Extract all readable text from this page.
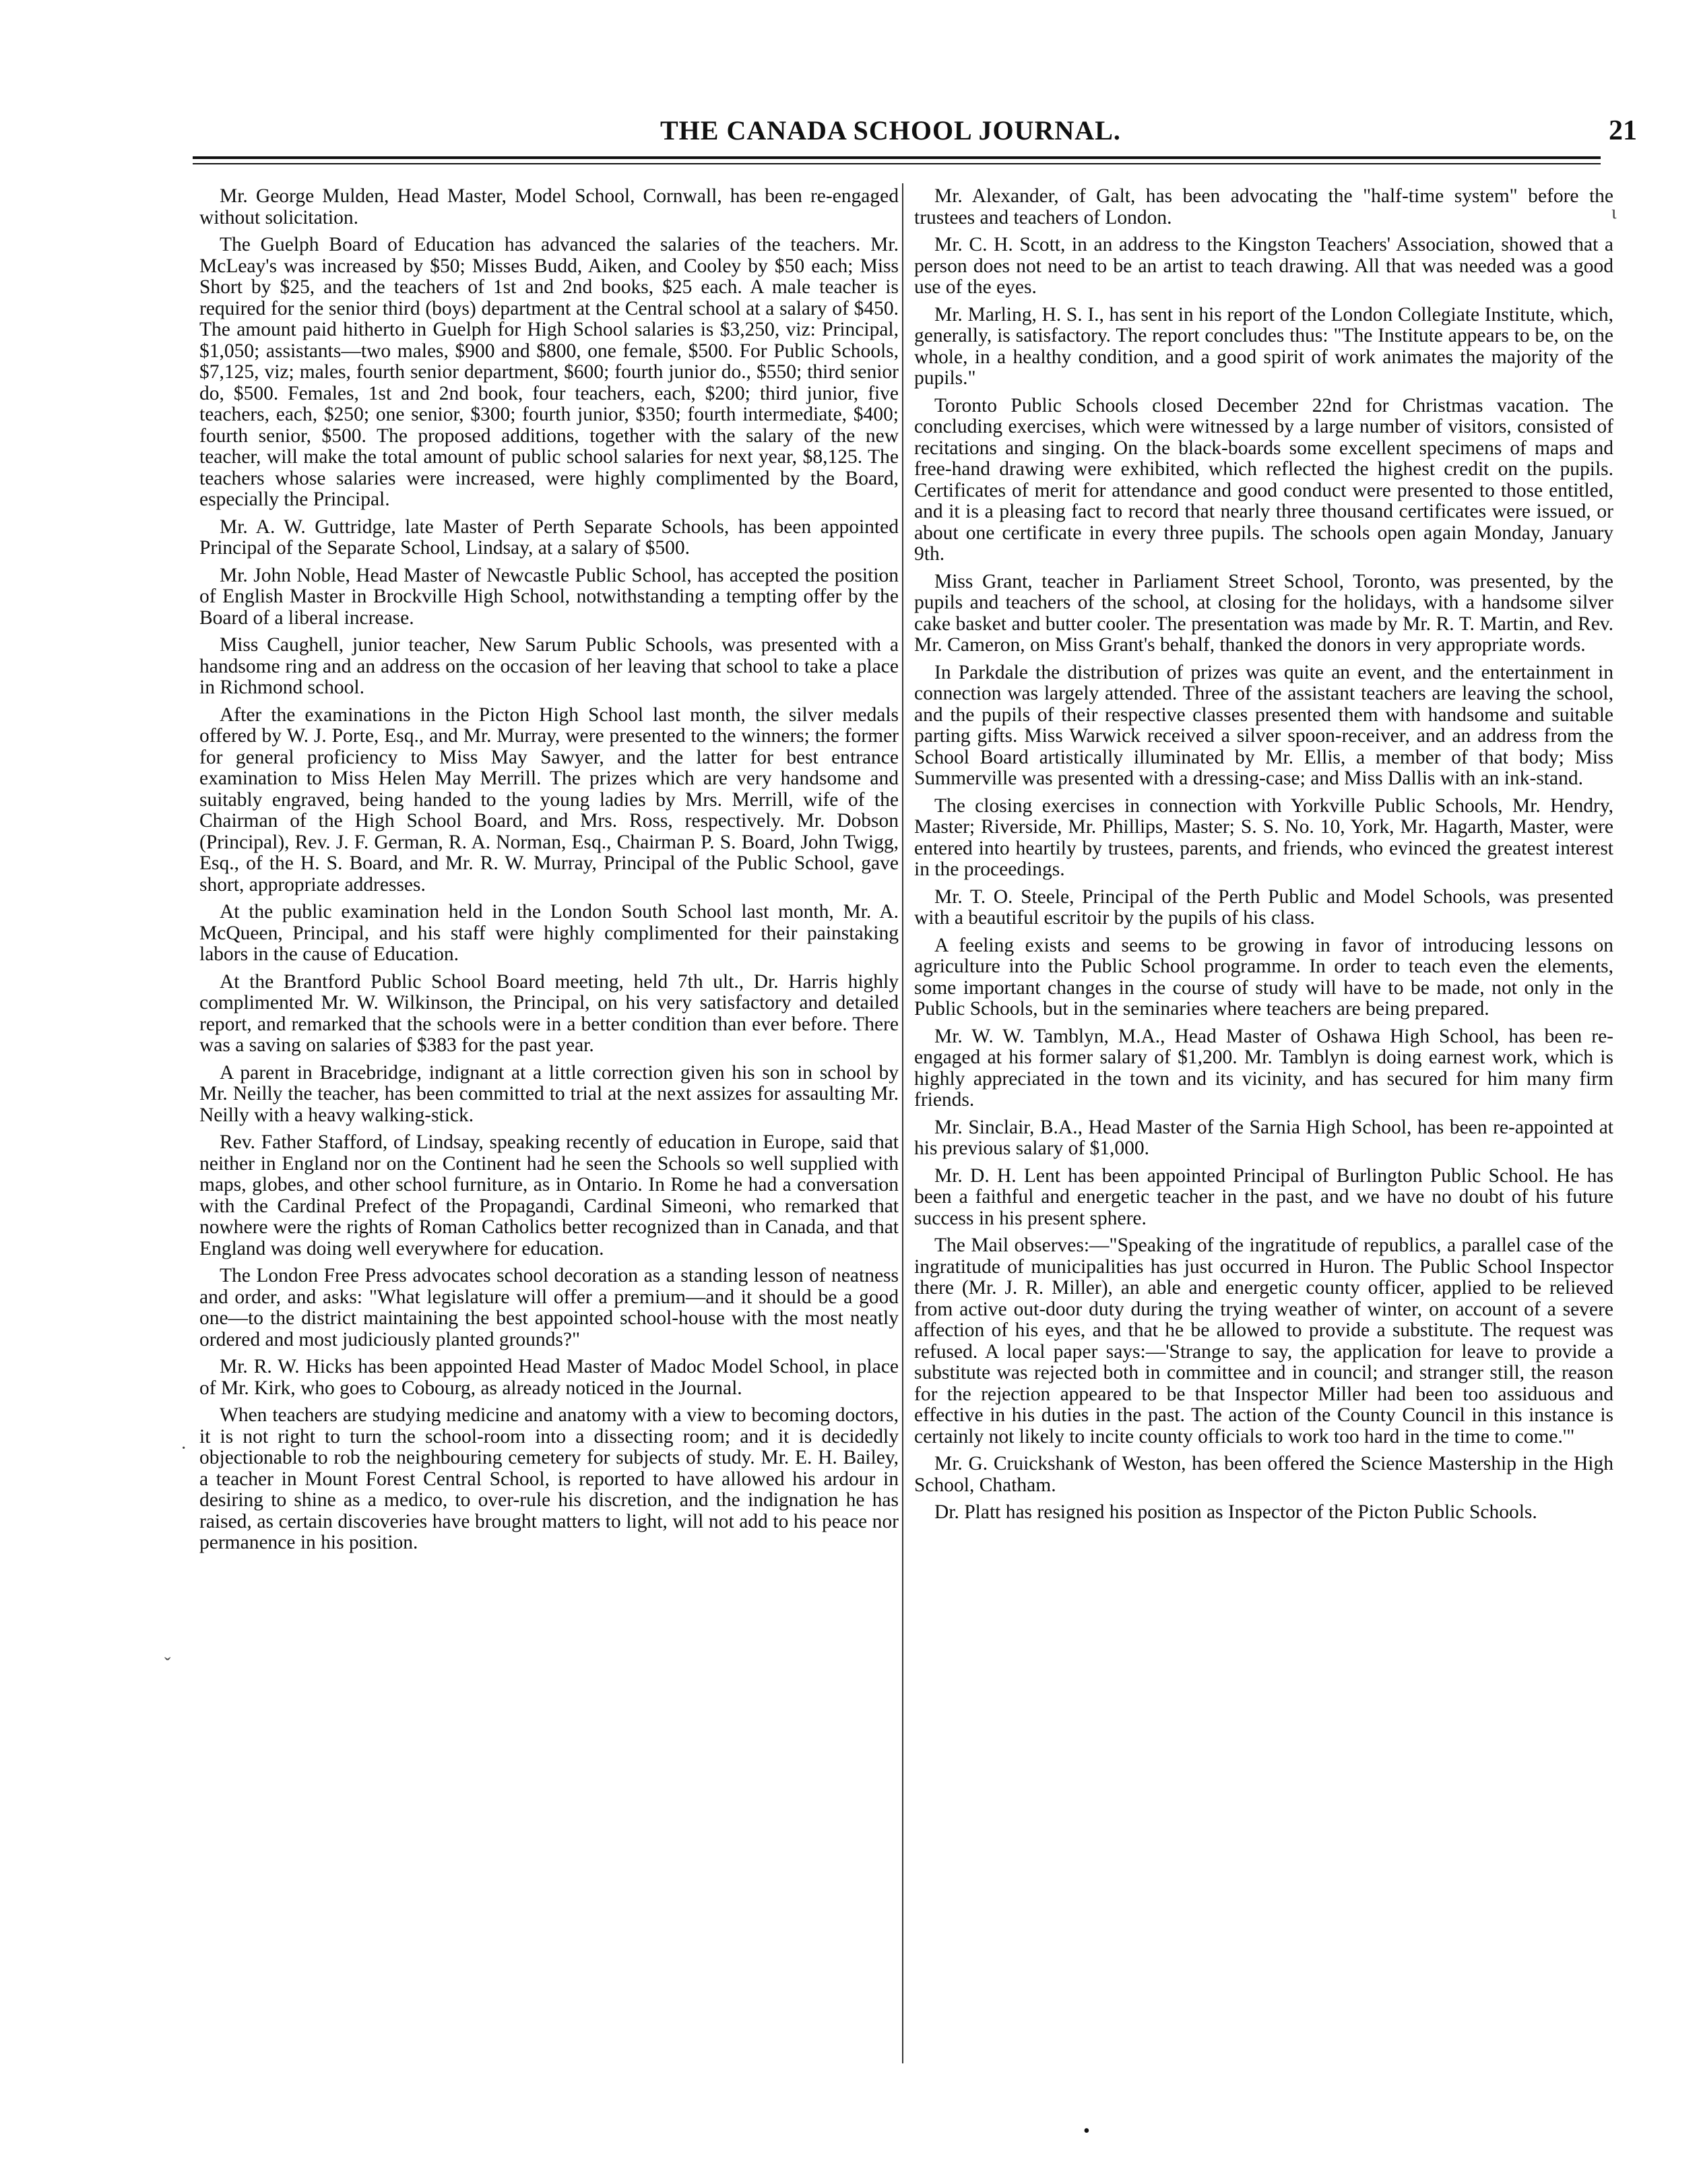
THE CANADA SCHOOL JOURNAL.	21

Mr. George Mulden, Head Master, Model School, Cornwall, has been re-engaged without solicitation.

The Guelph Board of Education has advanced the salaries of the teachers. Mr. McLeay's was increased by $50; Misses Budd, Aiken, and Cooley by $50 each; Miss Short by $25, and the teachers of 1st and 2nd books, $25 each. A male teacher is required for the senior third (boys) department at the Central school at a salary of $450. The amount paid hitherto in Guelph for High School salaries is $3,250, viz: Principal, $1,050; assistants—two males, $900 and $800, one female, $500. For Public Schools, $7,125, viz; males, fourth senior department, $600; fourth junior do., $550; third senior do, $500. Females, 1st and 2nd book, four teachers, each, $200; third junior, five teachers, each, $250; one senior, $300; fourth junior, $350; fourth intermediate, $400; fourth senior, $500. The proposed additions, together with the salary of the new teacher, will make the total amount of public school salaries for next year, $8,125. The teachers whose salaries were increased, were highly complimented by the Board, especially the Principal.

Mr. A. W. Guttridge, late Master of Perth Separate Schools, has been appointed Principal of the Separate School, Lindsay, at a salary of $500.

Mr. John Noble, Head Master of Newcastle Public School, has accepted the position of English Master in Brockville High School, notwithstanding a tempting offer by the Board of a liberal increase.

Miss Caughell, junior teacher, New Sarum Public Schools, was presented with a handsome ring and an address on the occasion of her leaving that school to take a place in Richmond school.

After the examinations in the Picton High School last month, the silver medals offered by W. J. Porte, Esq., and Mr. Murray, were presented to the winners; the former for general proficiency to Miss May Sawyer, and the latter for best entrance examination to Miss Helen May Merrill. The prizes which are very handsome and suitably engraved, being handed to the young ladies by Mrs. Merrill, wife of the Chairman of the High School Board, and Mrs. Ross, respectively. Mr. Dobson (Principal), Rev. J. F. German, R. A. Norman, Esq., Chairman P. S. Board, John Twigg, Esq., of the H. S. Board, and Mr. R. W. Murray, Principal of the Public School, gave short, appropriate addresses.

At the public examination held in the London South School last month, Mr. A. McQueen, Principal, and his staff were highly complimented for their painstaking labors in the cause of Education.

At the Brantford Public School Board meeting, held 7th ult., Dr. Harris highly complimented Mr. W. Wilkinson, the Principal, on his very satisfactory and detailed report, and remarked that the schools were in a better condition than ever before. There was a saving on salaries of $383 for the past year.

A parent in Bracebridge, indignant at a little correction given his son in school by Mr. Neilly the teacher, has been committed to trial at the next assizes for assaulting Mr. Neilly with a heavy walking-stick.

Rev. Father Stafford, of Lindsay, speaking recently of education in Europe, said that neither in England nor on the Continent had he seen the Schools so well supplied with maps, globes, and other school furniture, as in Ontario. In Rome he had a conversation with the Cardinal Prefect of the Propagandi, Cardinal Simeoni, who remarked that nowhere were the rights of Roman Catholics better recognized than in Canada, and that England was doing well everywhere for education.

The London Free Press advocates school decoration as a standing lesson of neatness and order, and asks: "What legislature will offer a premium—and it should be a good one—to the district maintaining the best appointed school-house with the most neatly ordered and most judiciously planted grounds?"

Mr. R. W. Hicks has been appointed Head Master of Madoc Model School, in place of Mr. Kirk, who goes to Cobourg, as already noticed in the Journal.

When teachers are studying medicine and anatomy with a view to becoming doctors, it is not right to turn the school-room into a dissecting room; and it is decidedly objectionable to rob the neighbouring cemetery for subjects of study. Mr. E. H. Bailey, a teacher in Mount Forest Central School, is reported to have allowed his ardour in desiring to shine as a medico, to over-rule his discretion, and the indignation he has raised, as certain discoveries have brought matters to light, will not add to his peace nor permanence in his position.

Mr. Alexander, of Galt, has been advocating the "half-time system" before the trustees and teachers of London.

Mr. C. H. Scott, in an address to the Kingston Teachers' Association, showed that a person does not need to be an artist to teach drawing. All that was needed was a good use of the eyes.

Mr. Marling, H. S. I., has sent in his report of the London Collegiate Institute, which, generally, is satisfactory. The report concludes thus: "The Institute appears to be, on the whole, in a healthy condition, and a good spirit of work animates the majority of the pupils."

Toronto Public Schools closed December 22nd for Christmas vacation. The concluding exercises, which were witnessed by a large number of visitors, consisted of recitations and singing. On the black-boards some excellent specimens of maps and free-hand drawing were exhibited, which reflected the highest credit on the pupils. Certificates of merit for attendance and good conduct were presented to those entitled, and it is a pleasing fact to record that nearly three thousand certificates were issued, or about one certificate in every three pupils. The schools open again Monday, January 9th.

Miss Grant, teacher in Parliament Street School, Toronto, was presented, by the pupils and teachers of the school, at closing for the holidays, with a handsome silver cake basket and butter cooler. The presentation was made by Mr. R. T. Martin, and Rev. Mr. Cameron, on Miss Grant's behalf, thanked the donors in very appropriate words.

In Parkdale the distribution of prizes was quite an event, and the entertainment in connection was largely attended. Three of the assistant teachers are leaving the school, and the pupils of their respective classes presented them with handsome and suitable parting gifts. Miss Warwick received a silver spoon-receiver, and an address from the School Board artistically illuminated by Mr. Ellis, a member of that body; Miss Summerville was presented with a dressing-case; and Miss Dallis with an ink-stand.

The closing exercises in connection with Yorkville Public Schools, Mr. Hendry, Master; Riverside, Mr. Phillips, Master; S. S. No. 10, York, Mr. Hagarth, Master, were entered into heartily by trustees, parents, and friends, who evinced the greatest interest in the proceedings.

Mr. T. O. Steele, Principal of the Perth Public and Model Schools, was presented with a beautiful escritoir by the pupils of his class.

A feeling exists and seems to be growing in favor of introducing lessons on agriculture into the Public School programme. In order to teach even the elements, some important changes in the course of study will have to be made, not only in the Public Schools, but in the seminaries where teachers are being prepared.

Mr. W. W. Tamblyn, M.A., Head Master of Oshawa High School, has been re-engaged at his former salary of $1,200. Mr. Tamblyn is doing earnest work, which is highly appreciated in the town and its vicinity, and has secured for him many firm friends.

Mr. Sinclair, B.A., Head Master of the Sarnia High School, has been re-appointed at his previous salary of $1,000.

Mr. D. H. Lent has been appointed Principal of Burlington Public School. He has been a faithful and energetic teacher in the past, and we have no doubt of his future success in his present sphere.

The Mail observes:—"Speaking of the ingratitude of republics, a parallel case of the ingratitude of municipalities has just occurred in Huron. The Public School Inspector there (Mr. J. R. Miller), an able and energetic county officer, applied to be relieved from active out-door duty during the trying weather of winter, on account of a severe affection of his eyes, and that he be allowed to provide a substitute. The request was refused. A local paper says:—'Strange to say, the application for leave to provide a substitute was rejected both in committee and in council; and stranger still, the reason for the rejection appeared to be that Inspector Miller had been too assiduous and effective in his duties in the past. The action of the County Council in this instance is certainly not likely to incite county officials to work too hard in the time to come.'"

Mr. G. Cruickshank of Weston, has been offered the Science Mastership in the High School, Chatham.

Dr. Platt has resigned his position as Inspector of the Picton Public Schools.

ι
·
ˇ
•
